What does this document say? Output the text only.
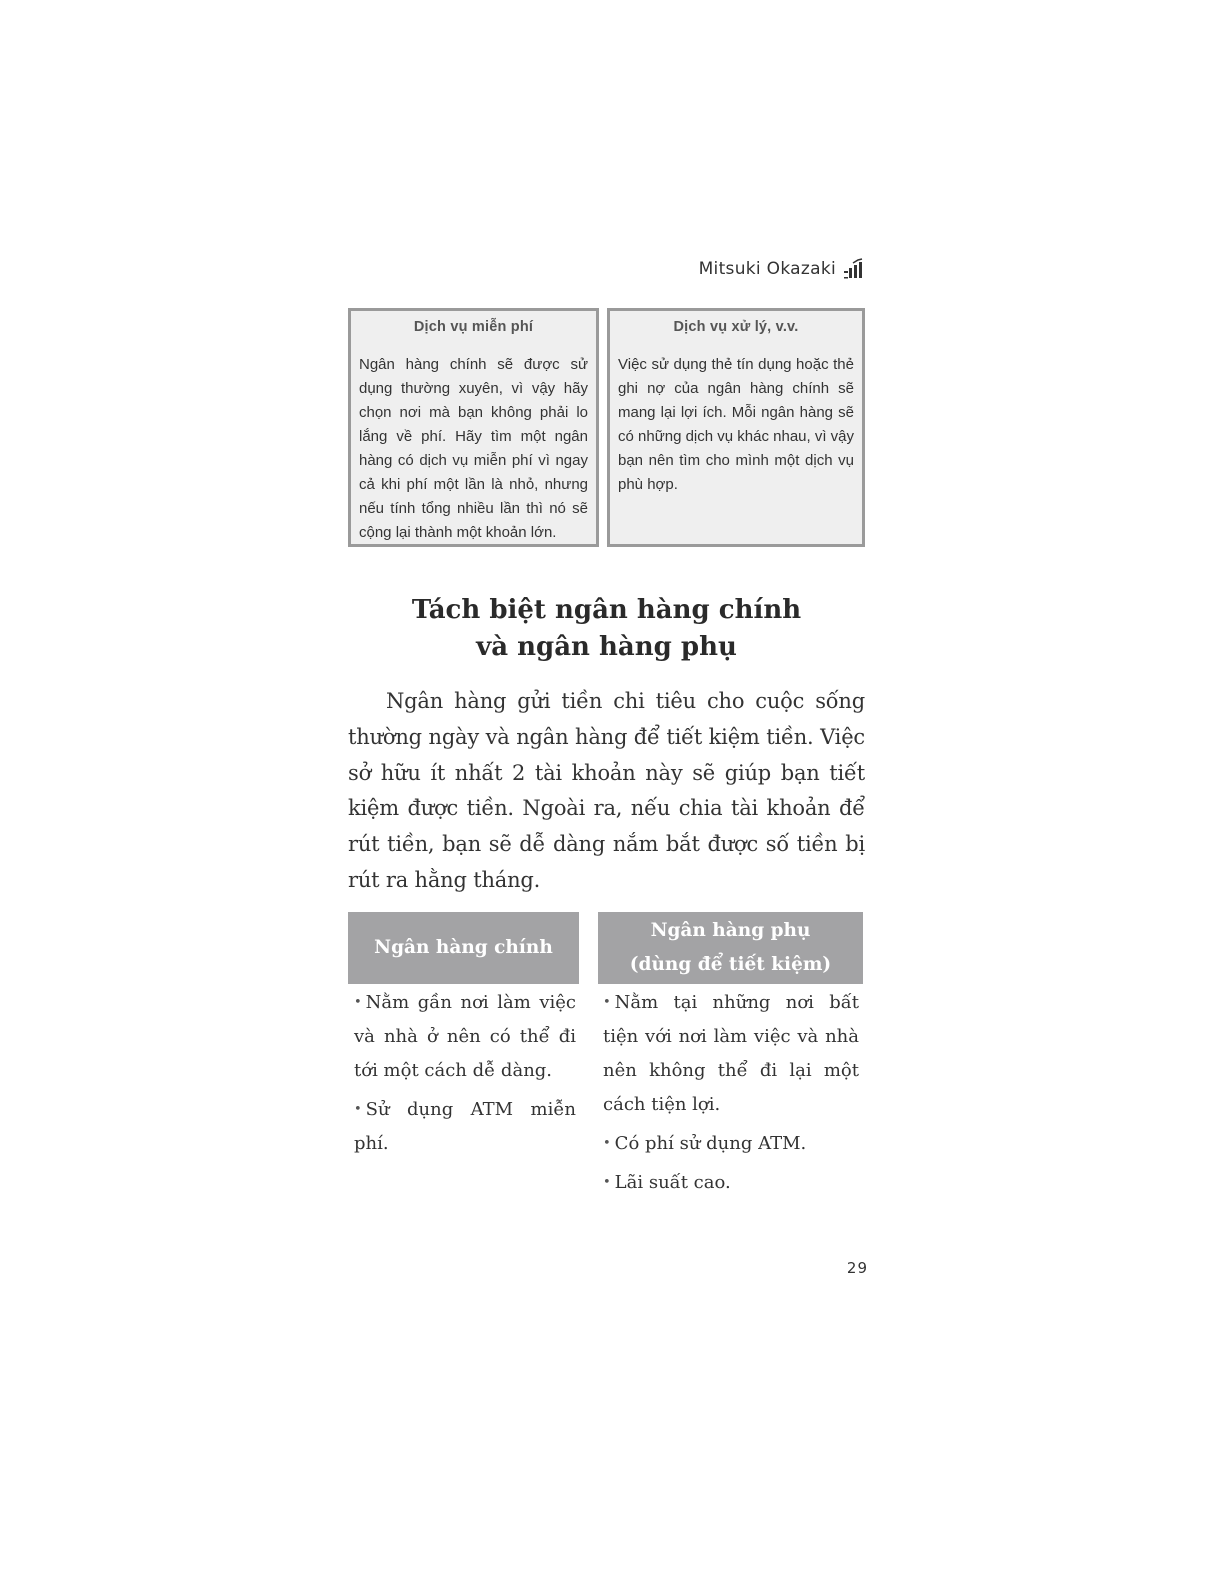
Mitsuki Okazaki
Dịch vụ miễn phí

Ngân hàng chính sẽ được sử dụng thường xuyên, vì vậy hãy chọn nơi mà bạn không phải lo lắng về phí. Hãy tìm một ngân hàng có dịch vụ miễn phí vì ngay cả khi phí một lần là nhỏ, nhưng nếu tính tổng nhiều lần thì nó sẽ cộng lại thành một khoản lớn.

Dịch vụ xử lý, v.v.

Việc sử dụng thẻ tín dụng hoặc thẻ ghi nợ của ngân hàng chính sẽ mang lại lợi ích. Mỗi ngân hàng sẽ có những dịch vụ khác nhau, vì vậy bạn nên tìm cho mình một dịch vụ phù hợp.

Tách biệt ngân hàng chính
và ngân hàng phụ

Ngân hàng gửi tiền chi tiêu cho cuộc sống thường ngày và ngân hàng để tiết kiệm tiền. Việc sở hữu ít nhất 2 tài khoản này sẽ giúp bạn tiết kiệm được tiền. Ngoài ra, nếu chia tài khoản để rút tiền, bạn sẽ dễ dàng nắm bắt được số tiền bị rút ra hằng tháng.

Ngân hàng chính
Ngân hàng phụ
(dùng để tiết kiệm)
• Nằm gần nơi làm việc và nhà ở nên có thể đi tới một cách dễ dàng.
• Sử dụng ATM miễn phí.
• Nằm tại những nơi bất tiện với nơi làm việc và nhà nên không thể đi lại một cách tiện lợi.
• Có phí sử dụng ATM.
• Lãi suất cao.
29
